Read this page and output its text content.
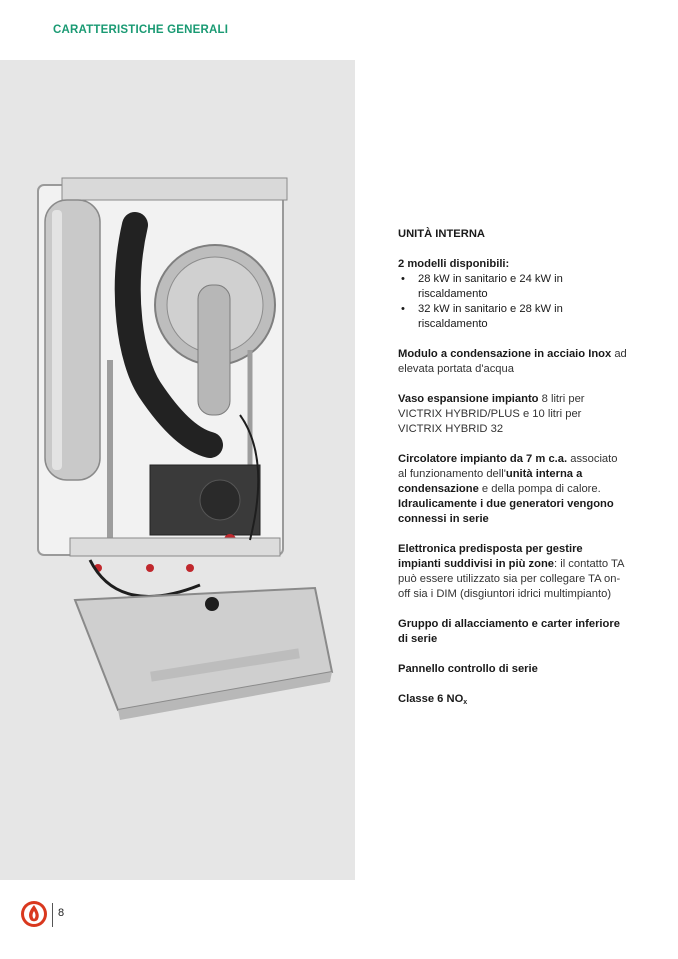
CARATTERISTICHE GENERALI
UNITÀ INTERNA
2 modelli disponibili:
• 28 kW in sanitario e 24 kW in riscaldamento
• 32 kW in sanitario e 28 kW in riscaldamento
Modulo a condensazione in acciaio Inox ad elevata portata d'acqua
Vaso espansione impianto 8 litri per VICTRIX HYBRID/PLUS e 10 litri per VICTRIX HYBRID 32
Circolatore impianto da 7 m c.a. associato al funzionamento dell'unità interna a condensazione e della pompa di calore.
Idraulicamente i due generatori vengono connessi in serie
Elettronica predisposta per gestire impianti suddivisi in più zone: il contatto TA può essere utilizzato sia per collegare TA on-off sia i DIM (disgiuntori idrici multimpianto)
Gruppo di allacciamento e carter inferiore di serie
Pannello controllo di serie
Classe 6 $NO_x$
8
